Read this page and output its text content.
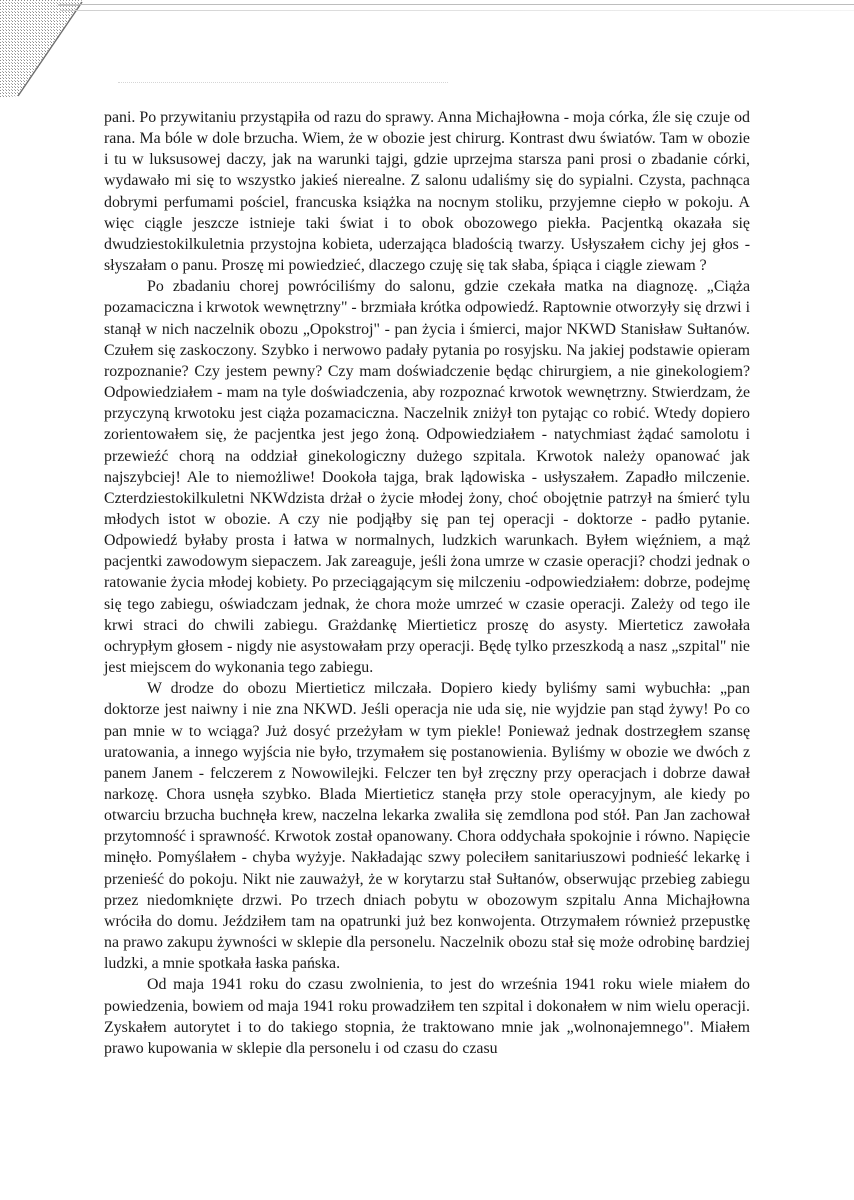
pani. Po przywitaniu przystąpiła od razu do sprawy. Anna Michajłowna - moja córka, źle się czuje od rana. Ma bóle w dole brzucha. Wiem, że w obozie jest chirurg. Kontrast dwu światów. Tam w obozie i tu w luksusowej daczy, jak na warunki tajgi, gdzie uprzejma starsza pani prosi o zbadanie córki, wydawało mi się to wszystko jakieś nierealne. Z salonu udaliśmy się do sypialni. Czysta, pachnąca dobrymi perfumami pościel, francuska książka na nocnym stoliku, przyjemne ciepło w pokoju. A więc ciągle jeszcze istnieje taki świat i to obok obozowego piekła. Pacjentką okazała się dwudziestokilkuletnia przystojna kobieta, uderzająca bladością twarzy. Usłyszałem cichy jej głos -słyszałam o panu. Proszę mi powiedzieć, dlaczego czuję się tak słaba, śpiąca i ciągle ziewam ?

Po zbadaniu chorej powróciliśmy do salonu, gdzie czekała matka na diagnozę. „Ciąża pozamaciczna i krwotok wewnętrzny" - brzmiała krótka odpowiedź. Raptownie otworzyły się drzwi i stanął w nich naczelnik obozu „Opokstroj" - pan życia i śmierci, major NKWD Stanisław Sułtanów. Czułem się zaskoczony. Szybko i nerwowo padały pytania po rosyjsku. Na jakiej podstawie opieram rozpoznanie? Czy jestem pewny? Czy mam doświadczenie będąc chirurgiem, a nie ginekologiem? Odpowiedziałem - mam na tyle doświadczenia, aby rozpoznać krwotok wewnętrzny. Stwierdzam, że przyczyną krwotoku jest ciąża pozamaciczna. Naczelnik zniżył ton pytając co robić. Wtedy dopiero zorientowałem się, że pacjentka jest jego żoną. Odpowiedziałem - natychmiast żądać samolotu i przewieźć chorą na oddział ginekologiczny dużego szpitala. Krwotok należy opanować jak najszybciej! Ale to niemożliwe! Dookoła tajga, brak lądowiska - usłyszałem. Zapadło milczenie. Czterdziestokilkuletni NKWdzista drżał o życie młodej żony, choć obojętnie patrzył na śmierć tylu młodych istot w obozie. A czy nie podjąłby się pan tej operacji - doktorze - padło pytanie. Odpowiedź byłaby prosta i łatwa w normalnych, ludzkich warunkach. Byłem więźniem, a mąż pacjentki zawodowym siepaczem. Jak zareaguje, jeśli żona umrze w czasie operacji? chodzi jednak o ratowanie życia młodej kobiety. Po przeciągającym się milczeniu -odpowiedziałem: dobrze, podejmę się tego zabiegu, oświadczam jednak, że chora może umrzeć w czasie operacji. Zależy od tego ile krwi straci do chwili zabiegu. Grażdankę Miertieticz proszę do asysty. Mierteticz zawołała ochrypłym głosem - nigdy nie asystowałam przy operacji. Będę tylko przeszkodą a nasz „szpital" nie jest miejscem do wykonania tego zabiegu.

W drodze do obozu Miertieticz milczała. Dopiero kiedy byliśmy sami wybuchła: „pan doktorze jest naiwny i nie zna NKWD. Jeśli operacja nie uda się, nie wyjdzie pan stąd żywy! Po co pan mnie w to wciąga? Już dosyć przeżyłam w tym piekle! Ponieważ jednak dostrzegłem szansę uratowania, a innego wyjścia nie było, trzymałem się postanowienia. Byliśmy w obozie we dwóch z panem Janem - felczerem z Nowowilejki. Felczer ten był zręczny przy operacjach i dobrze dawał narkozę. Chora usnęła szybko. Blada Miertieticz stanęła przy stole operacyjnym, ale kiedy po otwarciu brzucha buchnęła krew, naczelna lekarka zwaliła się zemdlona pod stół. Pan Jan zachował przytomność i sprawność. Krwotok został opanowany. Chora oddychała spokojnie i równo. Napięcie minęło. Pomyślałem - chyba wyżyje. Nakładając szwy poleciłem sanitariuszowi podnieść lekarkę i przenieść do pokoju. Nikt nie zauważył, że w korytarzu stał Sułtanów, obserwując przebieg zabiegu przez niedomknięte drzwi. Po trzech dniach pobytu w obozowym szpitalu Anna Michajłowna wróciła do domu. Jeździłem tam na opatrunki już bez konwojenta. Otrzymałem również przepustkę na prawo zakupu żywności w sklepie dla personelu. Naczelnik obozu stał się może odrobinę bardziej ludzki, a mnie spotkała łaska pańska.

Od maja 1941 roku do czasu zwolnienia, to jest do września 1941 roku wiele miałem do powiedzenia, bowiem od maja 1941 roku prowadziłem ten szpital i dokonałem w nim wielu operacji. Zyskałem autorytet i to do takiego stopnia, że traktowano mnie jak „wolnonajemnego". Miałem prawo kupowania w sklepie dla personelu i od czasu do czasu
